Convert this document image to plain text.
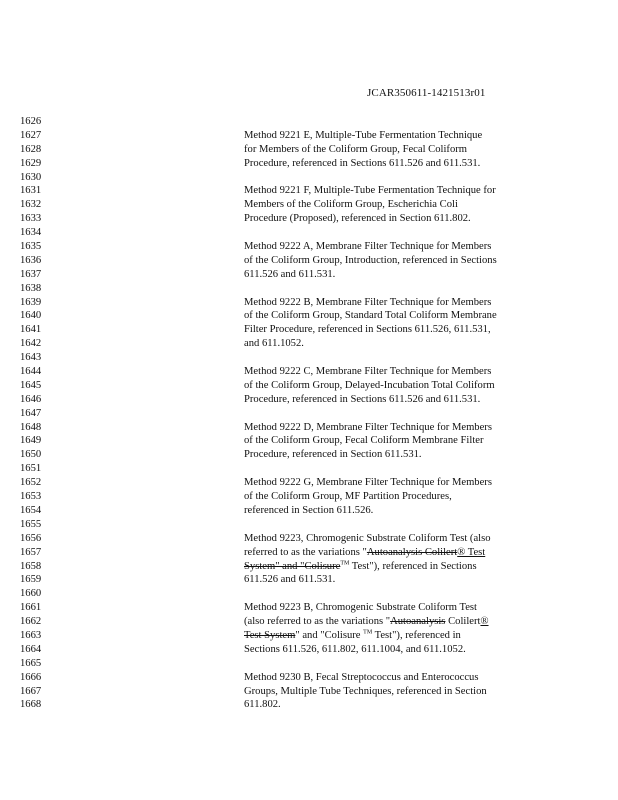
JCAR350611-1421513r01
1626
1627	Method 9221 E, Multiple-Tube Fermentation Technique
1628	for Members of the Coliform Group, Fecal Coliform
1629	Procedure, referenced in Sections 611.526 and 611.531.
1630
1631	Method 9221 F, Multiple-Tube Fermentation Technique for
1632	Members of the Coliform Group, Escherichia Coli
1633	Procedure (Proposed), referenced in Section 611.802.
1634
1635	Method 9222 A, Membrane Filter Technique for Members
1636	of the Coliform Group, Introduction, referenced in Sections
1637	611.526 and 611.531.
1638
1639	Method 9222 B, Membrane Filter Technique for Members
1640	of the Coliform Group, Standard Total Coliform Membrane
1641	Filter Procedure, referenced in Sections 611.526, 611.531,
1642	and 611.1052.
1643
1644	Method 9222 C, Membrane Filter Technique for Members
1645	of the Coliform Group, Delayed-Incubation Total Coliform
1646	Procedure, referenced in Sections 611.526 and 611.531.
1647
1648	Method 9222 D, Membrane Filter Technique for Members
1649	of the Coliform Group, Fecal Coliform Membrane Filter
1650	Procedure, referenced in Section 611.531.
1651
1652	Method 9222 G, Membrane Filter Technique for Members
1653	of the Coliform Group, MF Partition Procedures,
1654	referenced in Section 611.526.
1655
1656	Method 9223, Chromogenic Substrate Coliform Test (also
1657	referred to as the variations "Autoanalysis Colilert® Test
1658	System" and "Colisure™ Test"), referenced in Sections
1659	611.526 and 611.531.
1660
1661	Method 9223 B, Chromogenic Substrate Coliform Test
1662	(also referred to as the variations "Autoanalysis Colilert®
1663	Test System" and "Colisure ™ Test"), referenced in
1664	Sections 611.526, 611.802, 611.1004, and 611.1052.
1665
1666	Method 9230 B, Fecal Streptococcus and Enterococcus
1667	Groups, Multiple Tube Techniques, referenced in Section
1668	611.802.
